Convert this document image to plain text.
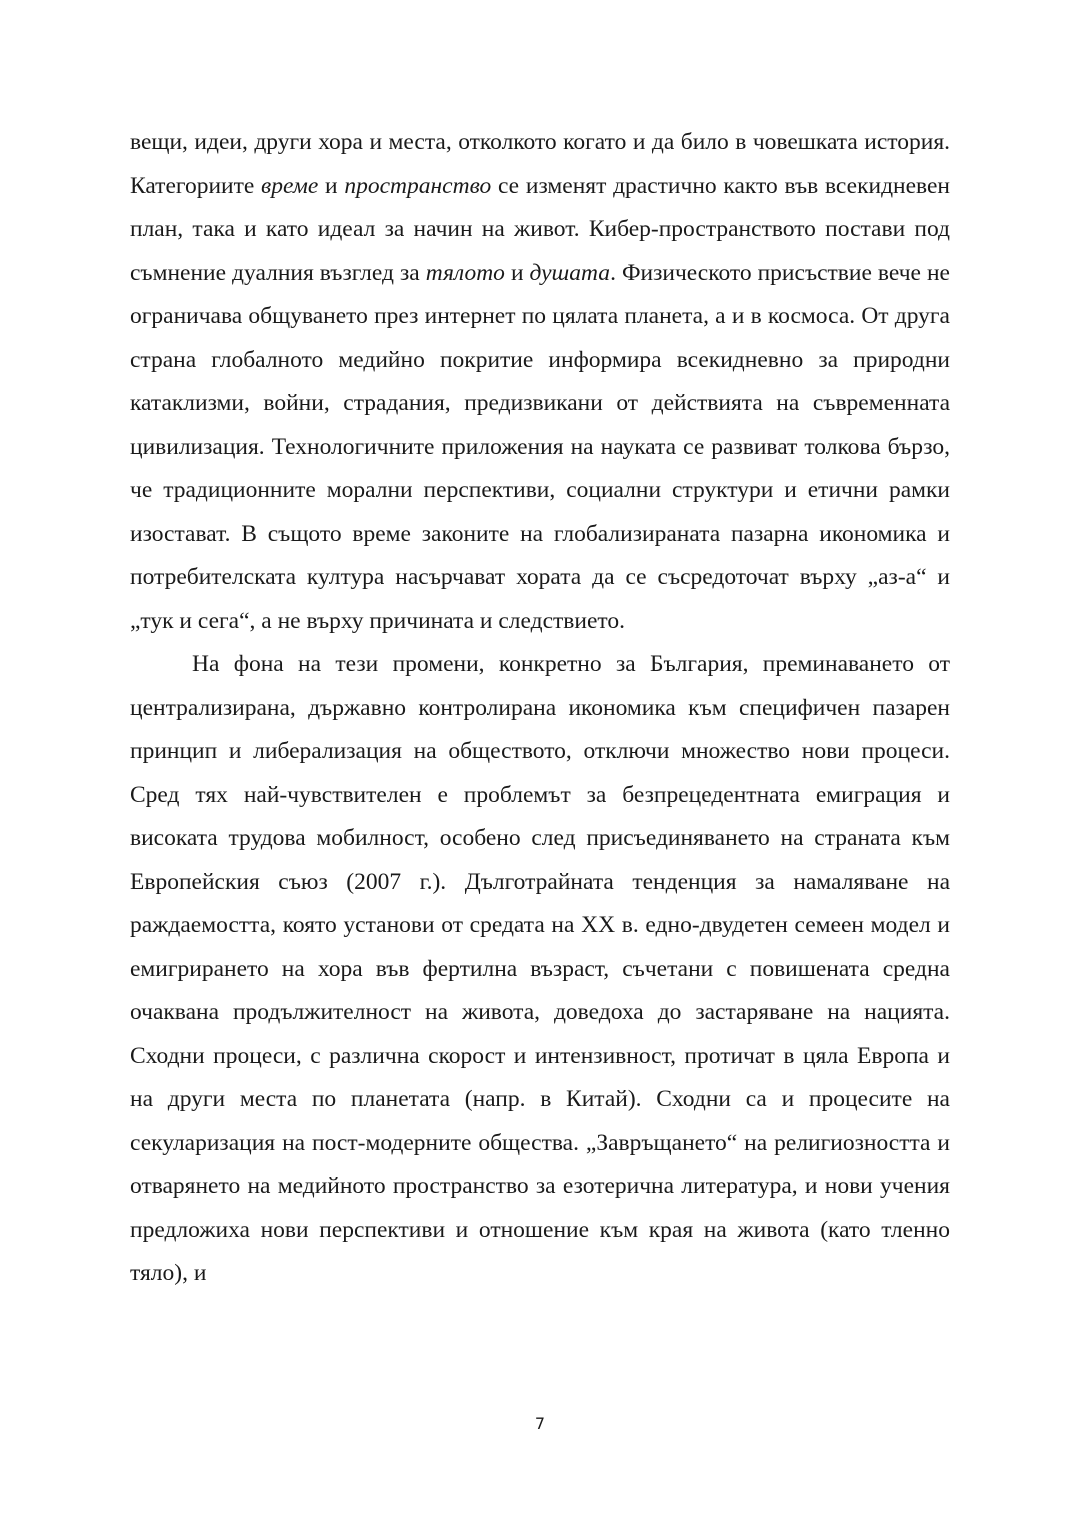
вещи, идеи, други хора и места, отколкото когато и да било в човешката история. Категориите време и пространство се изменят драстично както във всекидневен план, така и като идеал за начин на живот. Кибер-пространството постави под съмнение дуалния възглед за тялото и душата. Физическото присъствие вече не ограничава общуването през интернет по цялата планета, а и в космоса. От друга страна глобалното медийно покритие информира всекидневно за природни катаклизми, войни, страдания, предизвикани от действията на съвременната цивилизация. Технологичните приложения на науката се развиват толкова бързо, че традиционните морални перспективи, социални структури и етични рамки изостават. В същото време законите на глобализираната пазарна икономика и потребителската култура насърчават хората да се съсредоточат върху „аз-а“ и „тук и сега“, а не върху причината и следствието.

На фона на тези промени, конкретно за България, преминаването от централизирана, държавно контролирана икономика към специфичен пазарен принцип и либерализация на обществото, отключи множество нови процеси. Сред тях най-чувствителен е проблемът за безпрецедентната емиграция и високата трудова мобилност, особено след присъединяването на страната към Европейския съюз (2007 г.). Дълготрайната тенденция за намаляване на раждаемостта, която установи от средата на XX в. едно-двудетен семеен модел и емигрирането на хора във фертилна възраст, съчетани с повишената средна очаквана продължителност на живота, доведоха до застаряване на нацията. Сходни процеси, с различна скорост и интензивност, протичат в цяла Европа и на други места по планетата (напр. в Китай). Сходни са и процесите на секуларизация на пост-модерните общества. „Завръщането“ на религиозността и отварянето на медийното пространство за езотерична литература, и нови учения предложиха нови перспективи и отношение към края на живота (като тленно тяло), и

7
